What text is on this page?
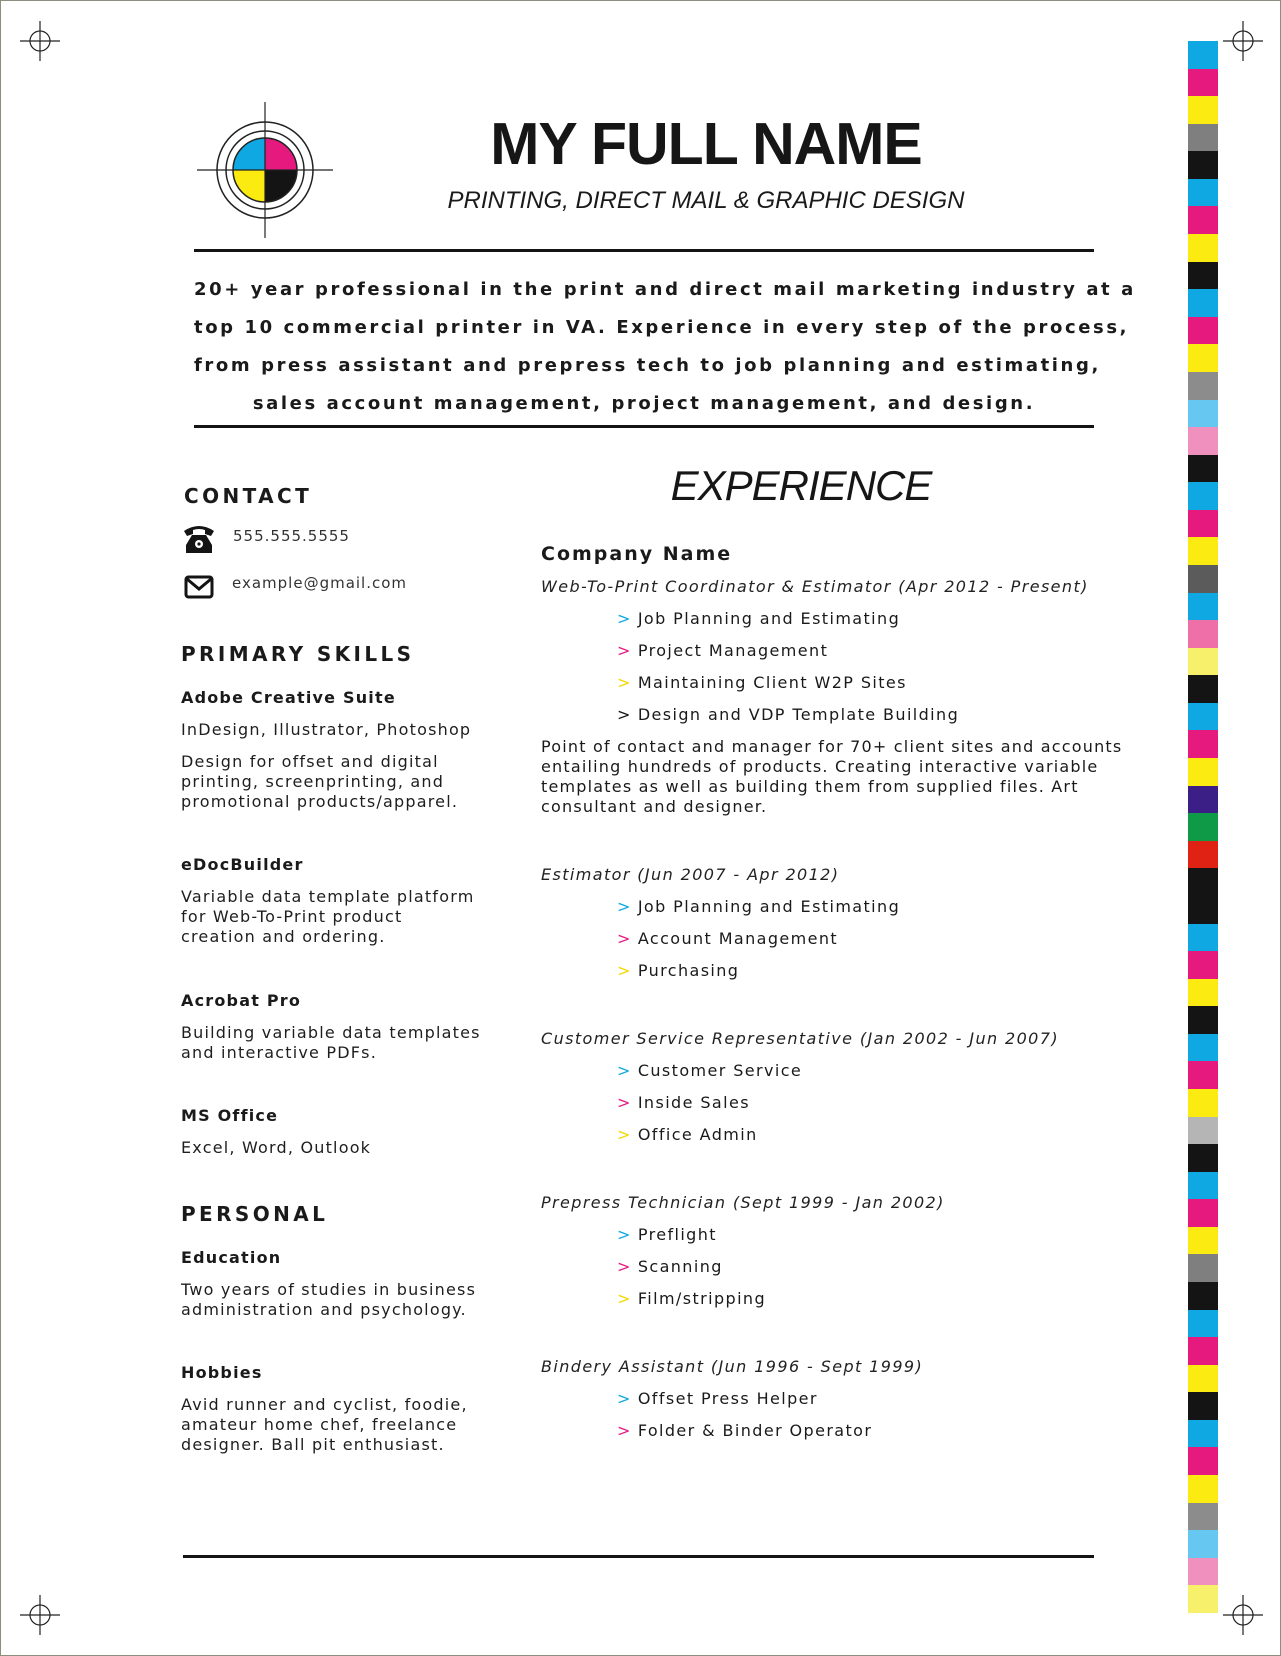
MY FULL NAME
PRINTING, DIRECT MAIL & GRAPHIC DESIGN
20+ year professional in the print and direct mail marketing industry at a
top 10 commercial printer in VA. Experience in every step of the process,
from press assistant and prepress tech to job planning and estimating,
sales account management, project management, and design.
CONTACT
555.555.5555
example@gmail.com
PRIMARY SKILLS
Adobe Creative Suite
InDesign, Illustrator, Photoshop
Design for offset and digital
printing, screenprinting, and
promotional products/apparel.
eDocBuilder
Variable data template platform
for Web-To-Print product
creation and ordering.
Acrobat Pro
Building variable data templates
and interactive PDFs.
MS Office
Excel, Word, Outlook
PERSONAL
Education
Two years of studies in business
administration and psychology.
Hobbies
Avid runner and cyclist, foodie,
amateur home chef, freelance
designer. Ball pit enthusiast.
EXPERIENCE
Company Name
Web-To-Print Coordinator & Estimator (Apr 2012 - Present)
> Job Planning and Estimating
> Project Management
> Maintaining Client W2P Sites
> Design and VDP Template Building
Point of contact and manager for 70+ client sites and accounts
entailing hundreds of products. Creating interactive variable
templates as well as building them from supplied files. Art
consultant and designer.
Estimator (Jun 2007 - Apr 2012)
> Job Planning and Estimating
> Account Management
> Purchasing
Customer Service Representative (Jan 2002 - Jun 2007)
> Customer Service
> Inside Sales
> Office Admin
Prepress Technician (Sept 1999 - Jan 2002)
> Preflight
> Scanning
> Film/stripping
Bindery Assistant (Jun 1996 - Sept 1999)
> Offset Press Helper
> Folder & Binder Operator
